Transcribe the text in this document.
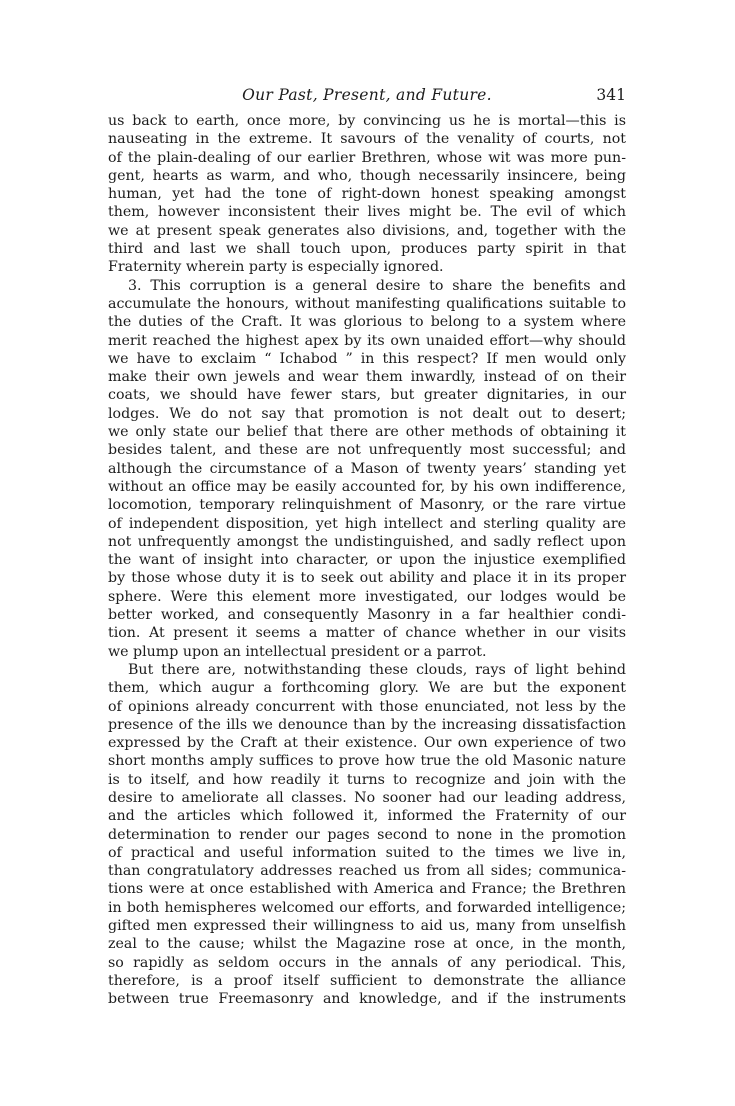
Our Past, Present, and Future.	341
us back to earth, once more, by convincing us he is mortal—this is
nauseating in the extreme. It savours of the venality of courts, not
of the plain-dealing of our earlier Brethren, whose wit was more pun-
gent, hearts as warm, and who, though necessarily insincere, being
human, yet had the tone of right-down honest speaking amongst
them, however inconsistent their lives might be. The evil of which
we at present speak generates also divisions, and, together with the
third and last we shall touch upon, produces party spirit in that
Fraternity wherein party is especially ignored.
3. This corruption is a general desire to share the benefits and
accumulate the honours, without manifesting qualifications suitable to
the duties of the Craft. It was glorious to belong to a system where
merit reached the highest apex by its own unaided effort—why should
we have to exclaim “ Ichabod ” in this respect? If men would only
make their own jewels and wear them inwardly, instead of on their
coats, we should have fewer stars, but greater dignitaries, in our
lodges. We do not say that promotion is not dealt out to desert;
we only state our belief that there are other methods of obtaining it
besides talent, and these are not unfrequently most successful; and
although the circumstance of a Mason of twenty years’ standing yet
without an office may be easily accounted for, by his own indifference,
locomotion, temporary relinquishment of Masonry, or the rare virtue
of independent disposition, yet high intellect and sterling quality are
not unfrequently amongst the undistinguished, and sadly reflect upon
the want of insight into character, or upon the injustice exemplified
by those whose duty it is to seek out ability and place it in its proper
sphere. Were this element more investigated, our lodges would be
better worked, and consequently Masonry in a far healthier condi-
tion. At present it seems a matter of chance whether in our visits
we plump upon an intellectual president or a parrot.
But there are, notwithstanding these clouds, rays of light behind
them, which augur a forthcoming glory. We are but the exponent
of opinions already concurrent with those enunciated, not less by the
presence of the ills we denounce than by the increasing dissatisfaction
expressed by the Craft at their existence. Our own experience of two
short months amply suffices to prove how true the old Masonic nature
is to itself, and how readily it turns to recognize and join with the
desire to ameliorate all classes. No sooner had our leading address,
and the articles which followed it, informed the Fraternity of our
determination to render our pages second to none in the promotion
of practical and useful information suited to the times we live in,
than congratulatory addresses reached us from all sides; communica-
tions were at once established with America and France; the Brethren
in both hemispheres welcomed our efforts, and forwarded intelligence;
gifted men expressed their willingness to aid us, many from unselfish
zeal to the cause; whilst the Magazine rose at once, in the month,
so rapidly as seldom occurs in the annals of any periodical. This,
therefore, is a proof itself sufficient to demonstrate the alliance
between true Freemasonry and knowledge, and if the instruments
